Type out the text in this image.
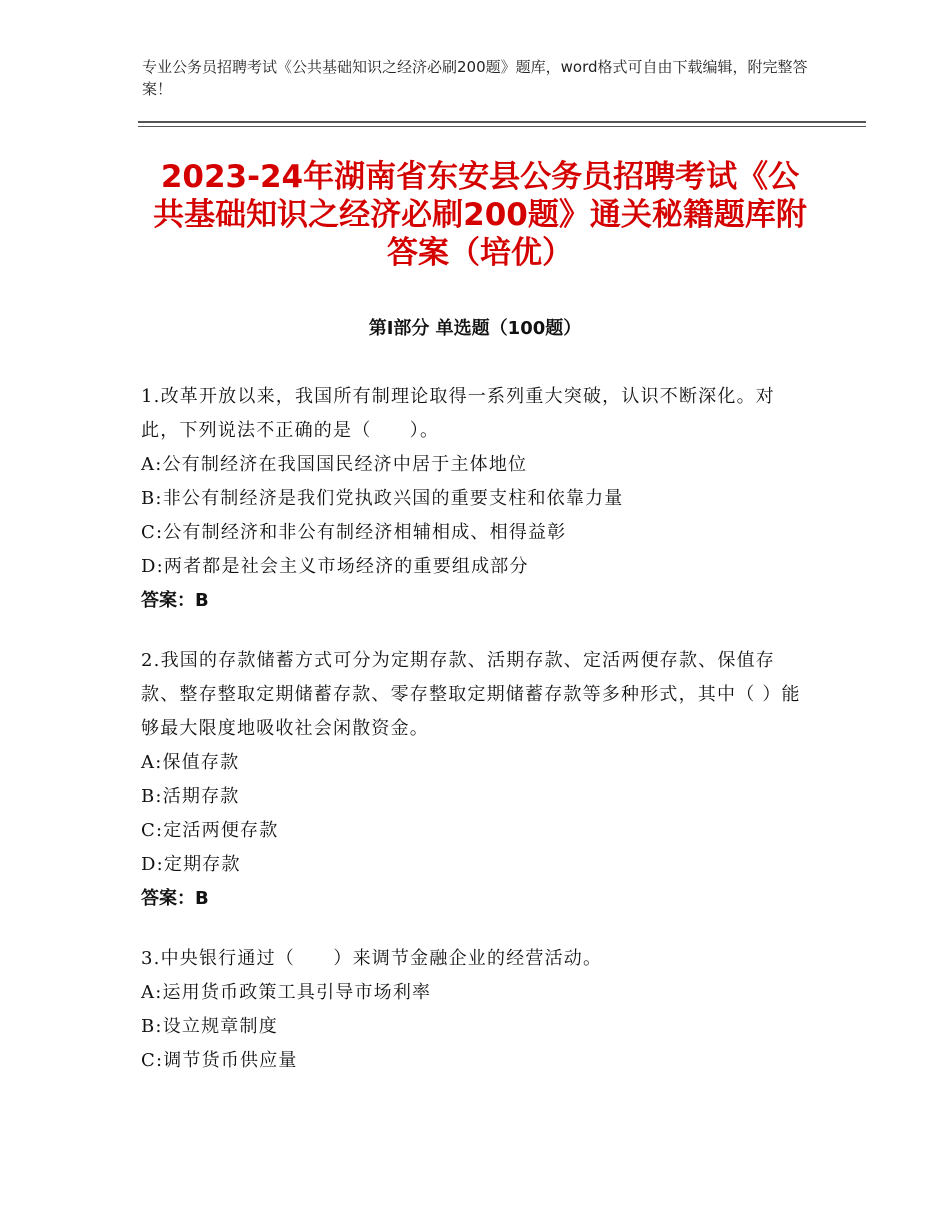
专业公务员招聘考试《公共基础知识之经济必刷200题》题库，word格式可自由下载编辑，附完整答案！
2023-24年湖南省东安县公务员招聘考试《公共基础知识之经济必刷200题》通关秘籍题库附答案（培优）
第Ⅰ部分 单选题（100题）

1.改革开放以来，我国所有制理论取得一系列重大突破，认识不断深化。对此，下列说法不正确的是（　　）。

A:公有制经济在我国国民经济中居于主体地位

B:非公有制经济是我们党执政兴国的重要支柱和依靠力量

C:公有制经济和非公有制经济相辅相成、相得益彰

D:两者都是社会主义市场经济的重要组成部分

答案：B

2.我国的存款储蓄方式可分为定期存款、活期存款、定活两便存款、保值存款、整存整取定期储蓄存款、零存整取定期储蓄存款等多种形式，其中（ ）能够最大限度地吸收社会闲散资金。

A:保值存款

B:活期存款

C:定活两便存款

D:定期存款

答案：B

3.中央银行通过（　　）来调节金融企业的经营活动。

A:运用货币政策工具引导市场利率

B:设立规章制度

C:调节货币供应量
